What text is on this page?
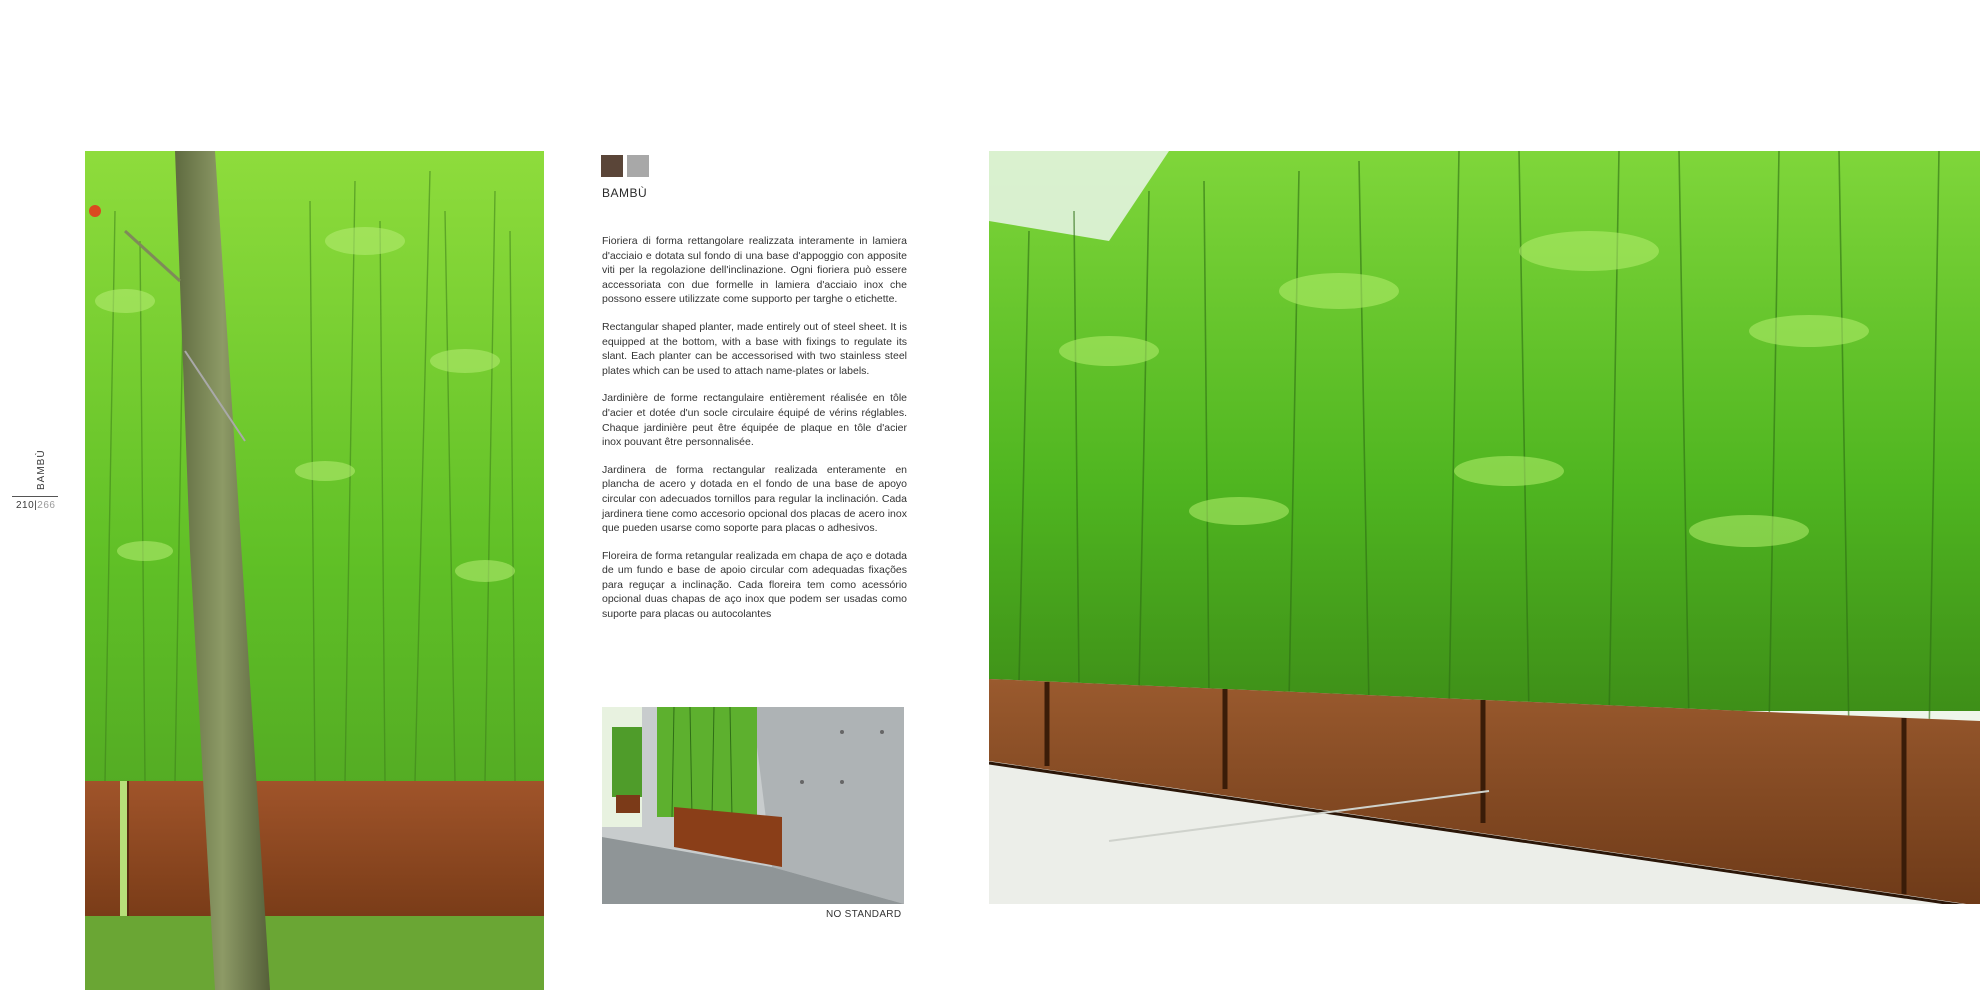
BAMBÙ
210|266
BAMBÙ

Fioriera di forma rettangolare realizzata interamente in lamiera d'acciaio e dotata sul fondo di una base d'appoggio con apposite viti per la regolazione dell'inclinazione. Ogni fioriera può essere accessoriata con due formelle in lamiera d'acciaio inox che possono essere utilizzate come supporto per targhe o etichette.

Rectangular shaped planter, made entirely out of steel sheet. It is equipped at the bottom, with a base with fixings to regulate its slant. Each planter can be accessorised with two stainless steel plates which can be used to attach name-plates or labels.

Jardinière de forme rectangulaire entièrement réalisée en tôle d'acier et dotée d'un socle circulaire équipé de vérins réglables. Chaque jardinière peut être équipée de plaque en tôle d'acier inox pouvant être personnalisée.

Jardinera de forma rectangular realizada enteramente en plancha de acero y dotada en el fondo de una base de apoyo circular con adecuados tornillos para regular la inclinación. Cada jardinera tiene como accesorio opcional dos placas de acero inox que pueden usarse como soporte para placas o adhesivos.

Floreira de forma retangular realizada em chapa de aço e dotada de um fundo e base de apoio circular com adequadas fixações para reguçar a inclinação. Cada floreira tem como acessório opcional duas chapas de aço inox que podem ser usadas como suporte para placas ou autocolantes

NO STANDARD
